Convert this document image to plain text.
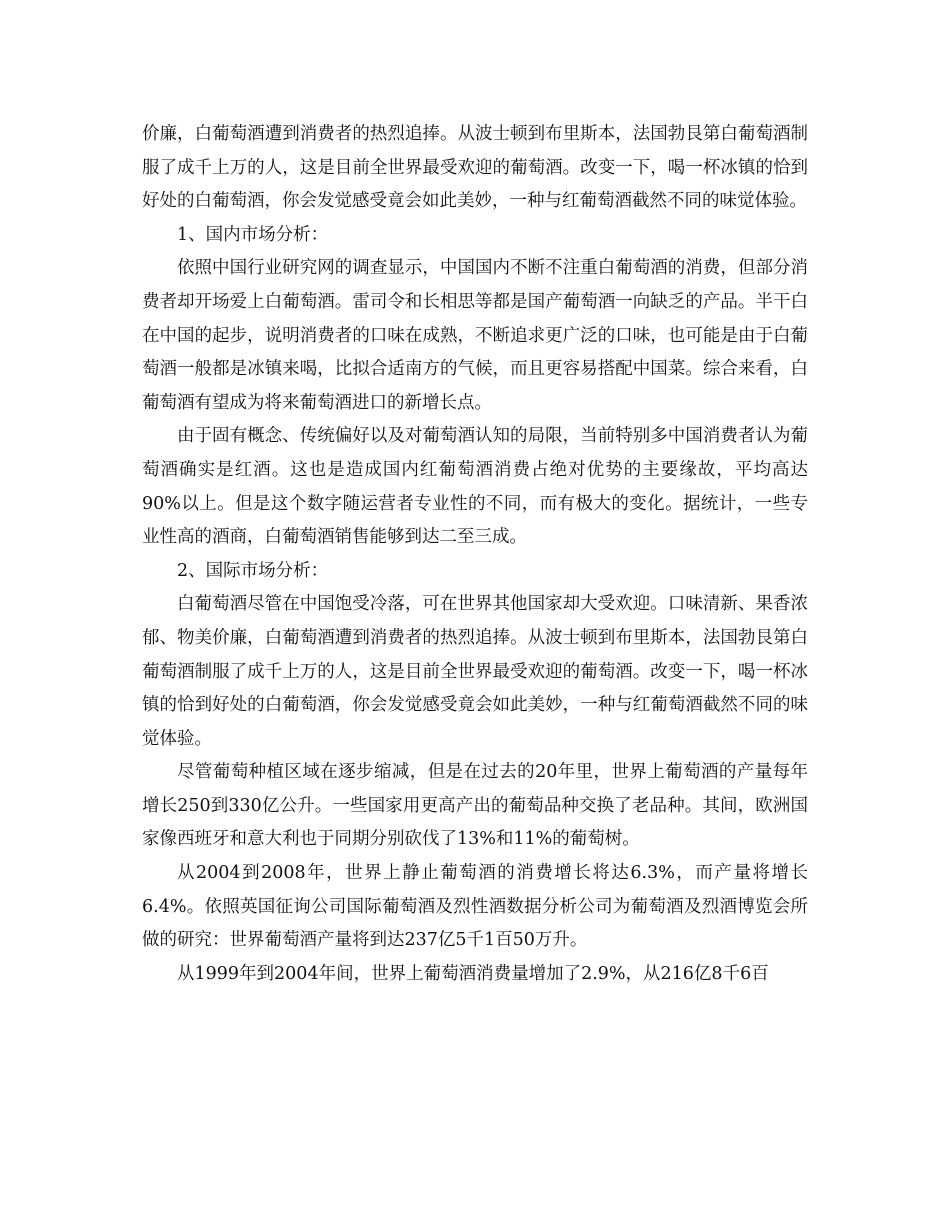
价廉，白葡萄酒遭到消费者的热烈追捧。从波士顿到布里斯本，法国勃艮第白葡萄酒制服了成千上万的人，这是目前全世界最受欢迎的葡萄酒。改变一下，喝一杯冰镇的恰到好处的白葡萄酒，你会发觉感受竟会如此美妙，一种与红葡萄酒截然不同的味觉体验。

1、国内市场分析：

依照中国行业研究网的调查显示，中国国内不断不注重白葡萄酒的消费，但部分消费者却开场爱上白葡萄酒。雷司令和长相思等都是国产葡萄酒一向缺乏的产品。半干白在中国的起步，说明消费者的口味在成熟，不断追求更广泛的口味，也可能是由于白葡萄酒一般都是冰镇来喝，比拟合适南方的气候，而且更容易搭配中国菜。综合来看，白葡萄酒有望成为将来葡萄酒进口的新增长点。

由于固有概念、传统偏好以及对葡萄酒认知的局限，当前特别多中国消费者认为葡萄酒确实是红酒。这也是造成国内红葡萄酒消费占绝对优势的主要缘故，平均高达90%以上。但是这个数字随运营者专业性的不同，而有极大的变化。据统计，一些专业性高的酒商，白葡萄酒销售能够到达二至三成。

2、国际市场分析：

白葡萄酒尽管在中国饱受冷落，可在世界其他国家却大受欢迎。口味清新、果香浓郁、物美价廉，白葡萄酒遭到消费者的热烈追捧。从波士顿到布里斯本，法国勃艮第白葡萄酒制服了成千上万的人，这是目前全世界最受欢迎的葡萄酒。改变一下，喝一杯冰镇的恰到好处的白葡萄酒，你会发觉感受竟会如此美妙，一种与红葡萄酒截然不同的味觉体验。

尽管葡萄种植区域在逐步缩减，但是在过去的20年里，世界上葡萄酒的产量每年增长250到330亿公升。一些国家用更高产出的葡萄品种交换了老品种。其间，欧洲国家像西班牙和意大利也于同期分别砍伐了13%和11%的葡萄树。

从2004到2008年，世界上静止葡萄酒的消费增长将达6.3%，而产量将增长6.4%。依照英国征询公司国际葡萄酒及烈性酒数据分析公司为葡萄酒及烈酒博览会所做的研究：世界葡萄酒产量将到达237亿5千1百50万升。

从1999年到2004年间，世界上葡萄酒消费量增加了2.9%，从216亿8千6百
